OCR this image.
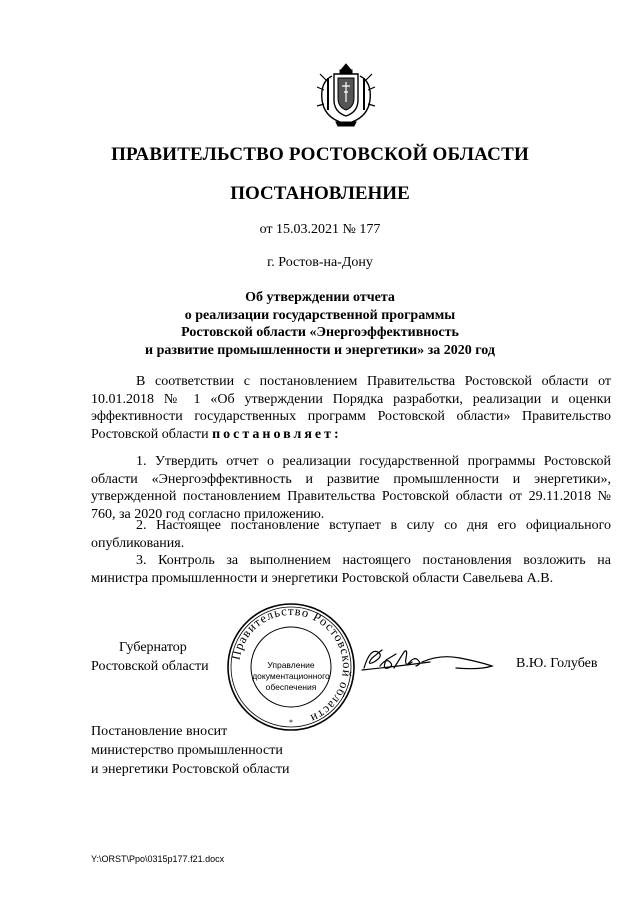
ПРАВИТЕЛЬСТВО РОСТОВСКОЙ ОБЛАСТИ
ПОСТАНОВЛЕНИЕ
от 15.03.2021 № 177
г. Ростов-на-Дону
Об утверждении отчета
о реализации государственной программы
Ростовской области «Энергоэффективность
и развитие промышленности и энергетики» за 2020 год
В соответствии с постановлением Правительства Ростовской области от 10.01.2018 № 1 «Об утверждении Порядка разработки, реализации и оценки эффективности государственных программ Ростовской области» Правительство Ростовской области постановляет:
1. Утвердить отчет о реализации государственной программы Ростовской области «Энергоэффективность и развитие промышленности и энергетики», утвержденной постановлением Правительства Ростовской области от 29.11.2018 № 760, за 2020 год согласно приложению.
2. Настоящее постановление вступает в силу со дня его официального опубликования.
3. Контроль за выполнением настоящего постановления возложить на министра промышленности и энергетики Ростовской области Савельева А.В.
Губернатор
Ростовской области
Правительство Ростовской области
Управление
документационного
обеспечения
*
В.Ю. Голубев
Постановление вносит
министерство промышленности
и энергетики Ростовской области
Y:\ORST\Ppo\0315p177.f21.docx
